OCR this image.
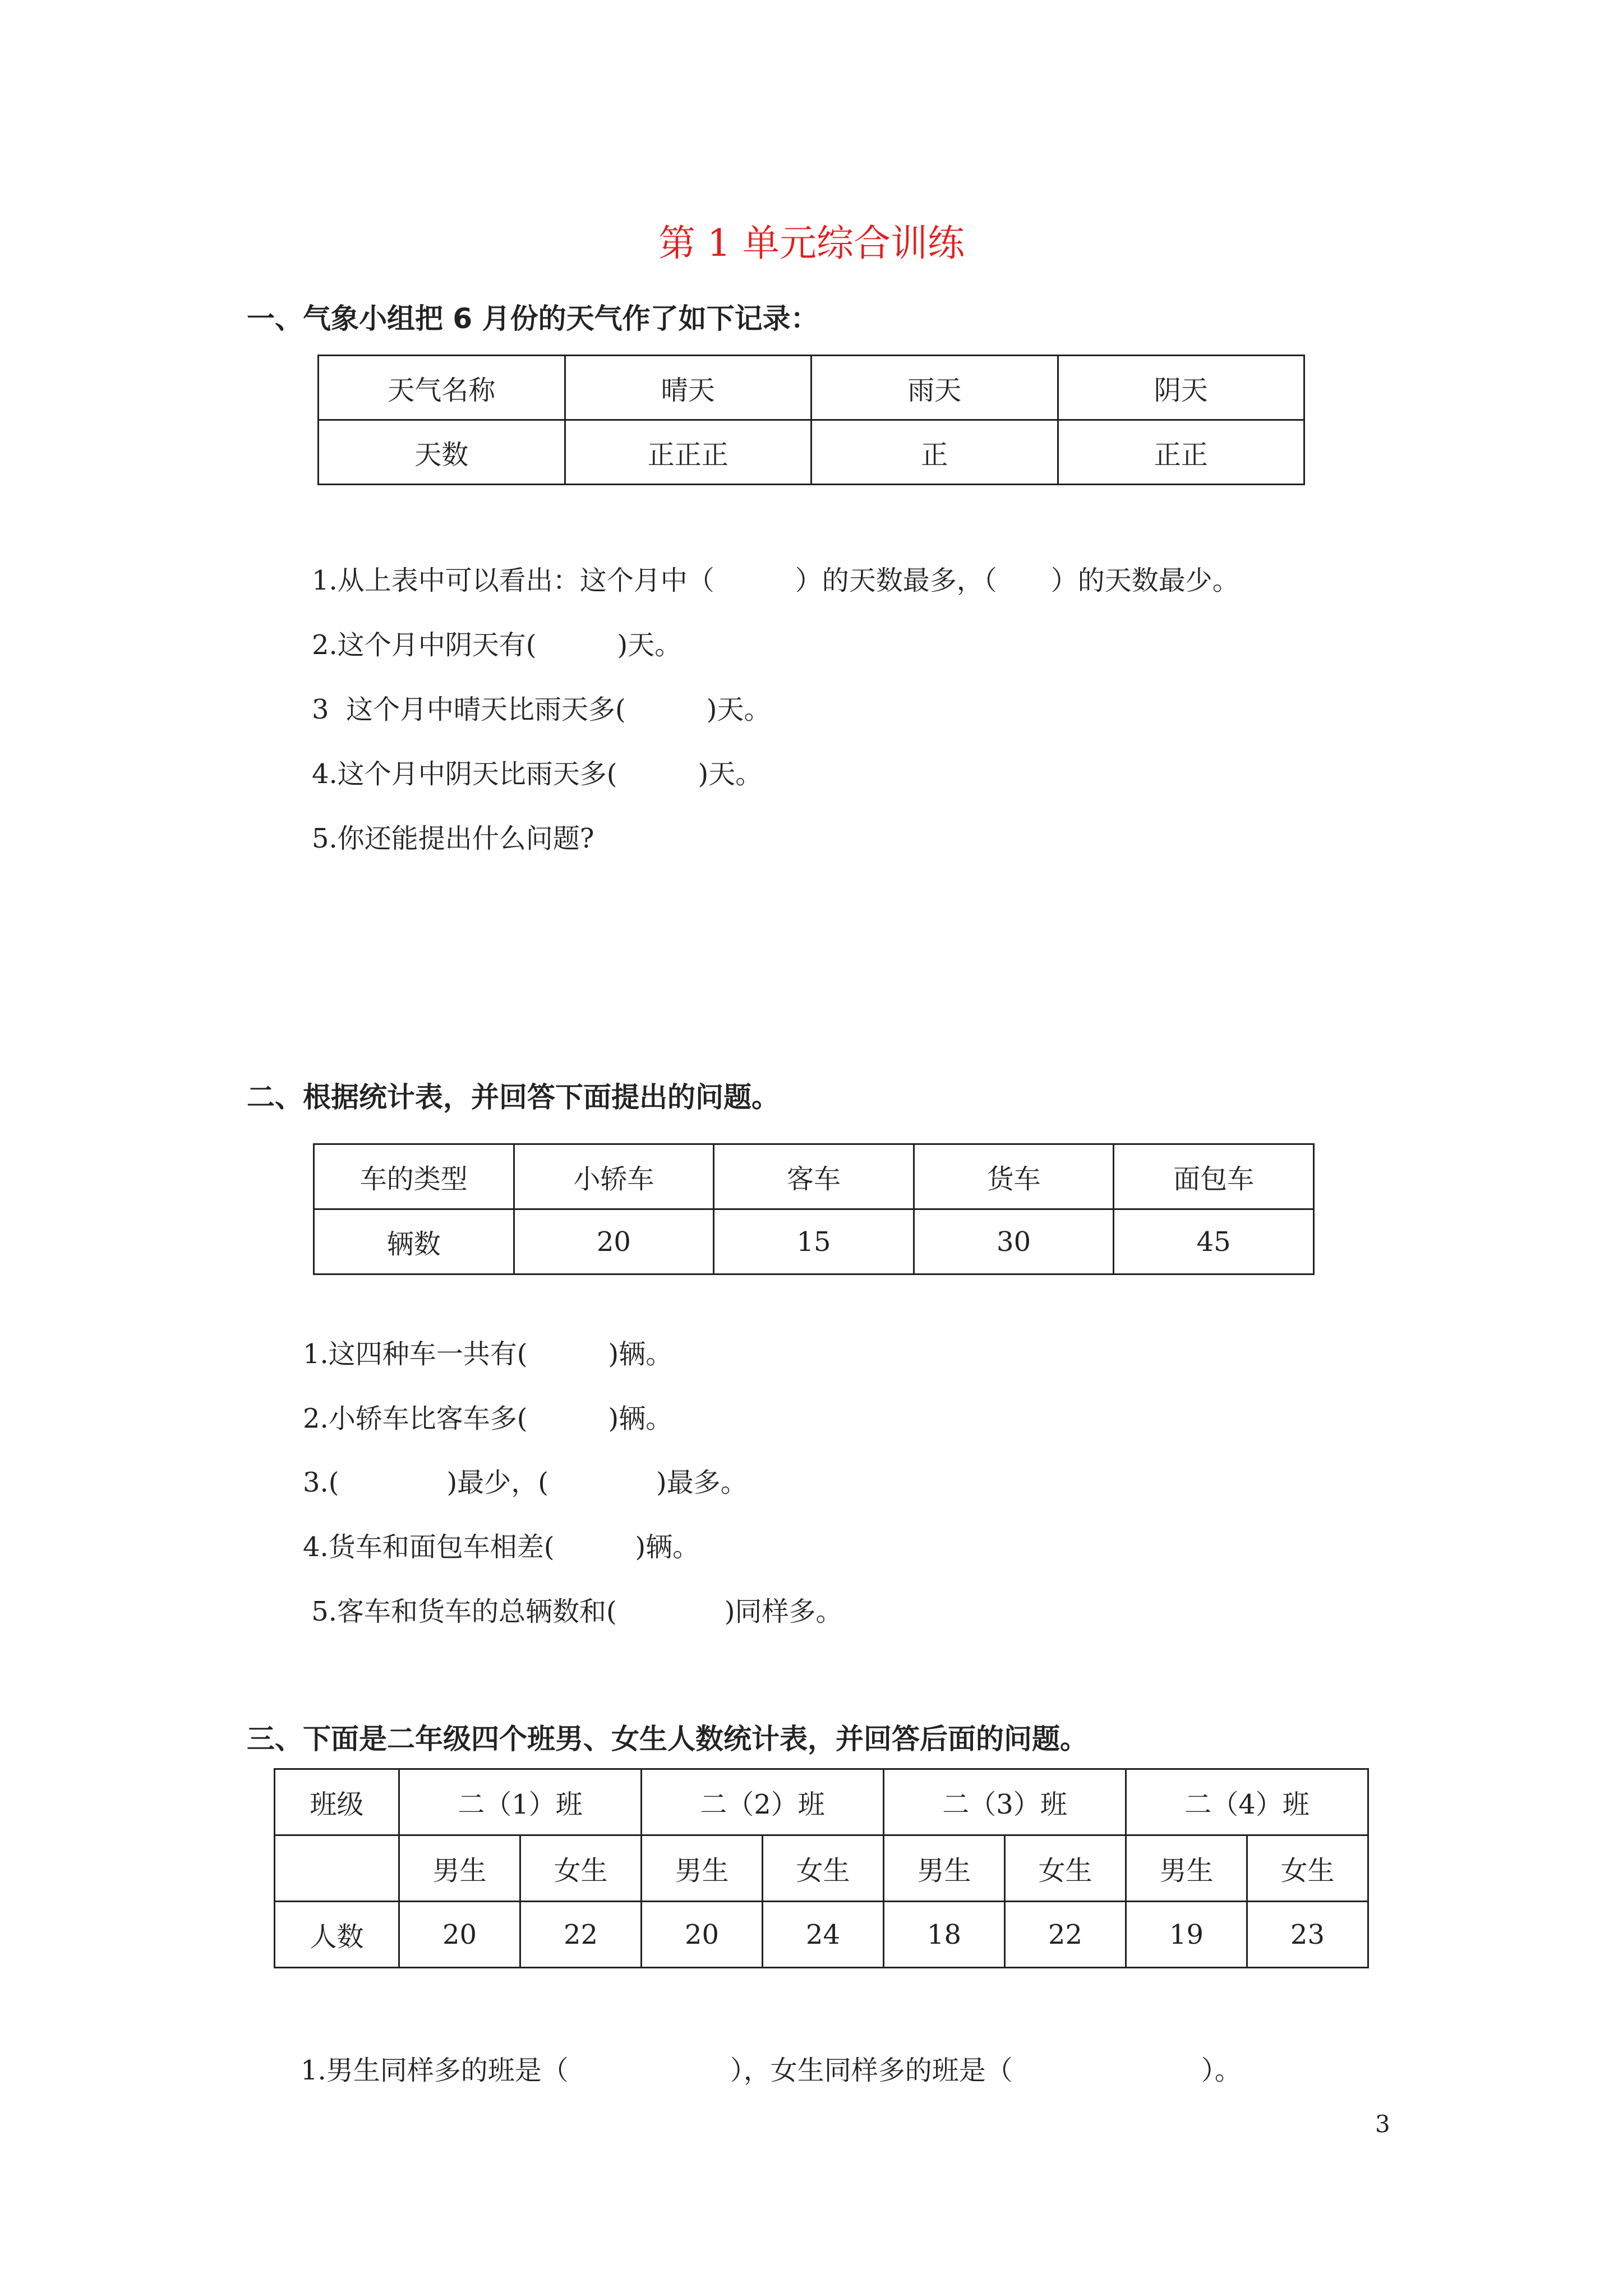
第 1 单元综合训练
一、气象小组把 6 月份的天气作了如下记录：
天气名称	晴天	雨天	阴天
天数	正正正	正	正正
1.从上表中可以看出：这个月中（　　　）的天数最多，（　　）的天数最少。
2.这个月中阴天有(　　　)天。
3  这个月中晴天比雨天多(　　　)天。
4.这个月中阴天比雨天多(　　　)天。
5.你还能提出什么问题?
二、根据统计表，并回答下面提出的问题。
车的类型	小轿车	客车	货车	面包车
辆数	20	15	30	45
1.这四种车一共有(　　　)辆。
2.小轿车比客车多(　　　)辆。
3.(　　　　)最少，(　　　　)最多。
4.货车和面包车相差(　　　)辆。
5.客车和货车的总辆数和(　　　　)同样多。
三、下面是二年级四个班男、女生人数统计表，并回答后面的问题。
班级	二（1）班		二（2）班		二（3）班		二（4）班	
	男生	女生	男生	女生	男生	女生	男生	女生
人数	20	22	20	24	18	22	19	23
1.男生同样多的班是（　　　　　　），女生同样多的班是（　　　　　　　）。
3
